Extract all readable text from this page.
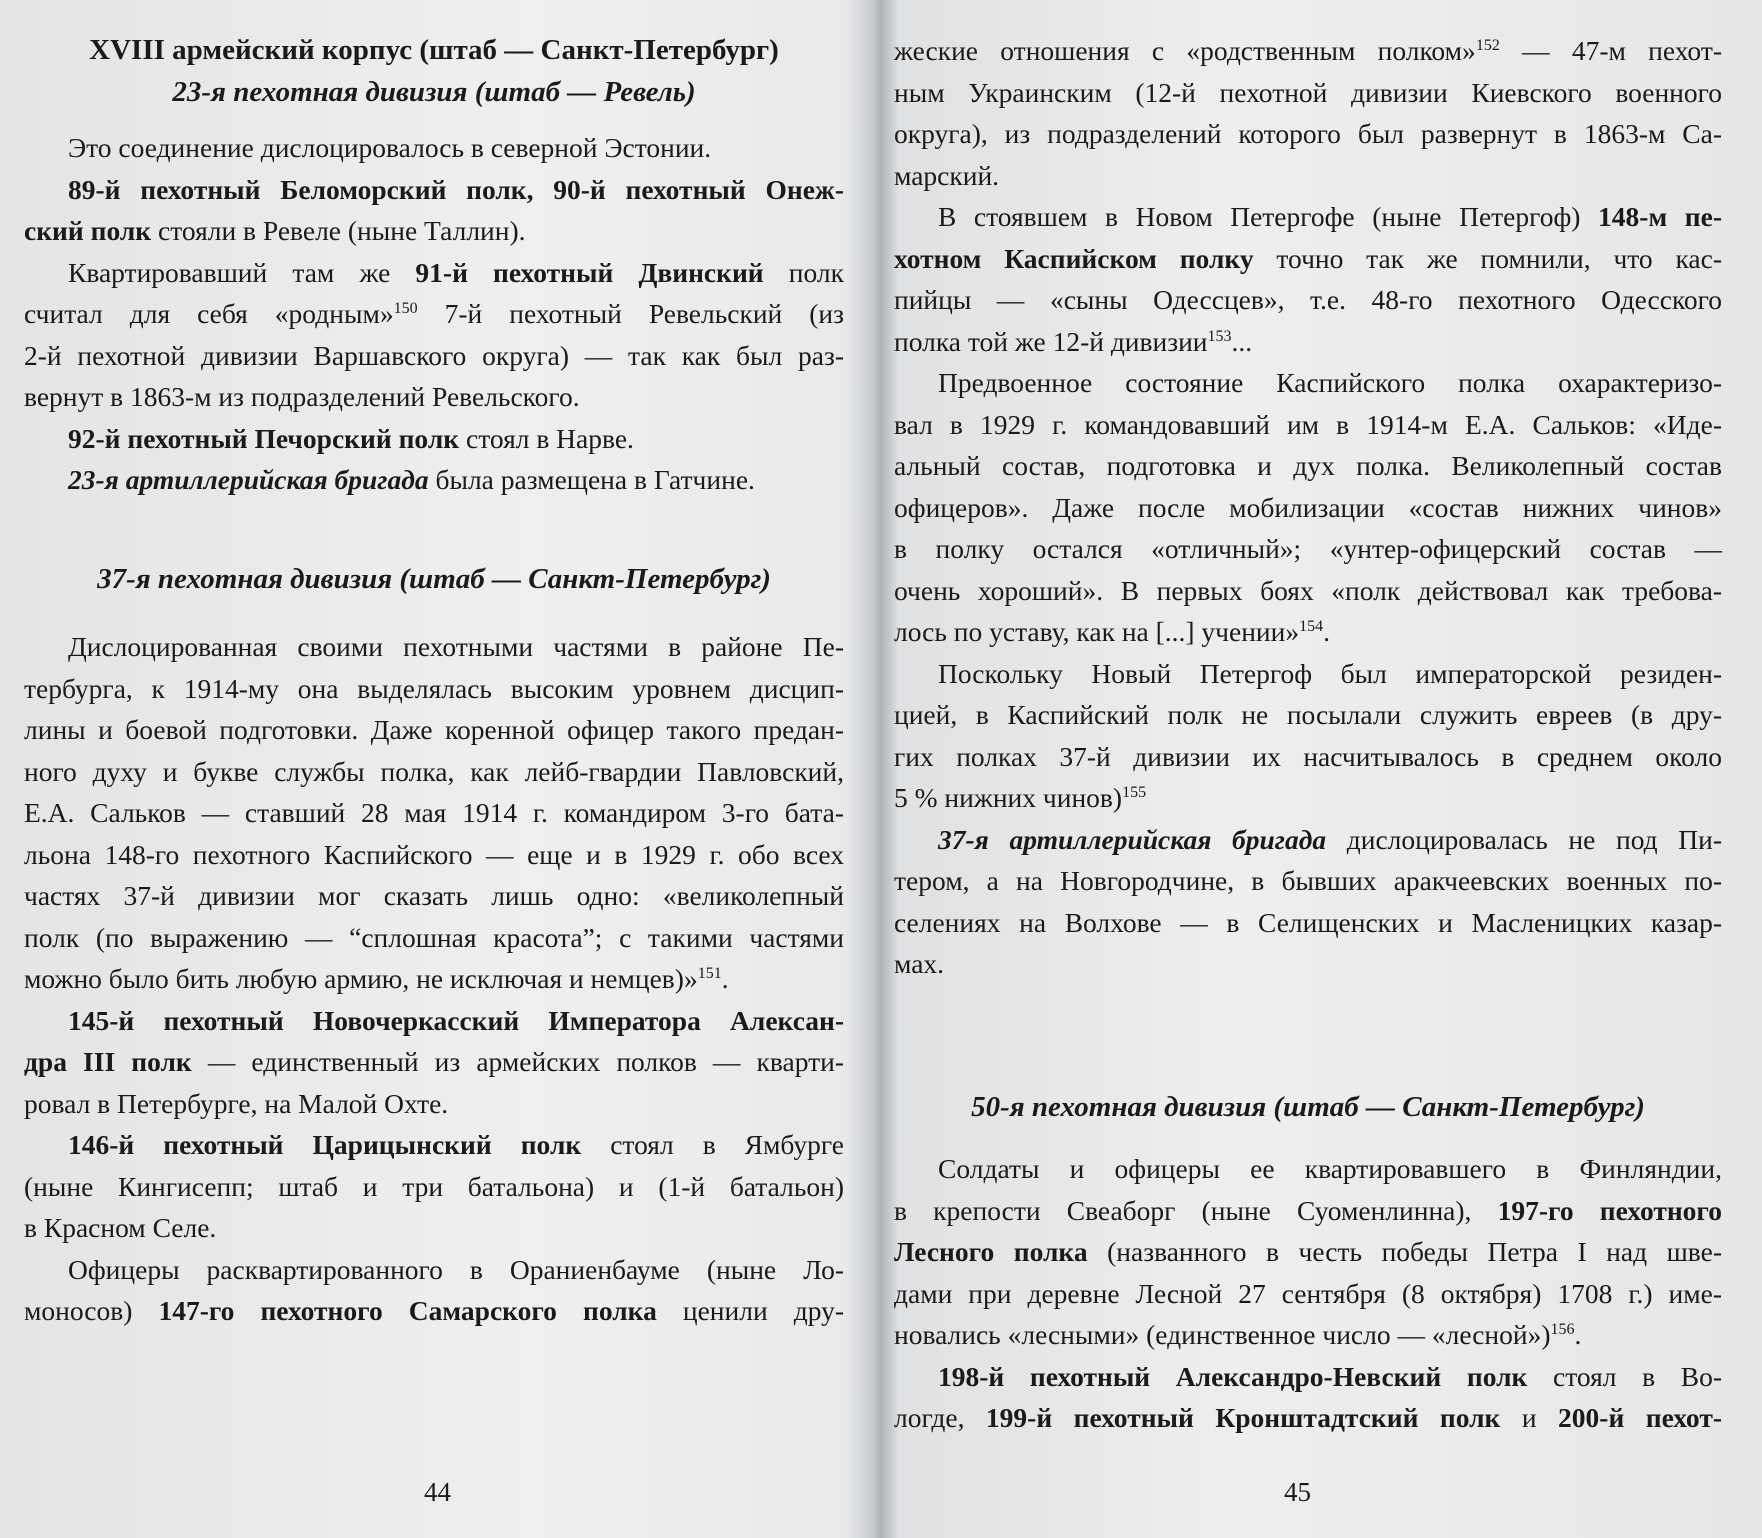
XVIII армейский корпус (штаб — Санкт-Петербург)
23-я пехотная дивизия (штаб — Ревель)
Это соединение дислоцировалось в северной Эстонии.
89-й пехотный Беломорский полк, 90-й пехотный Онеж-
ский полк стояли в Ревеле (ныне Таллин).
Квартировавший там же 91-й пехотный Двинский полк
считал для себя «родным»$^{150}$ 7-й пехотный Ревельский (из
2-й пехотной дивизии Варшавского округа) — так как был раз-
вернут в 1863-м из подразделений Ревельского.
92-й пехотный Печорский полк стоял в Нарве.
23-я артиллерийская бригада была размещена в Гатчине.
37-я пехотная дивизия (штаб — Санкт-Петербург)
Дислоцированная своими пехотными частями в районе Пе-
тербурга, к 1914-му она выделялась высоким уровнем дисцип-
лины и боевой подготовки. Даже коренной офицер такого предан-
ного духу и букве службы полка, как лейб-гвардии Павловский,
Е.А. Сальков — ставший 28 мая 1914 г. командиром 3-го бата-
льона 148-го пехотного Каспийского — еще и в 1929 г. обо всех
частях 37-й дивизии мог сказать лишь одно: «великолепный
полк (по выражению — “сплошная красота”; с такими частями
можно было бить любую армию, не исключая и немцев)»$^{151}$.
145-й пехотный Новочеркасский Императора Алексан-
дра III полк — единственный из армейских полков — кварти-
ровал в Петербурге, на Малой Охте.
146-й пехотный Царицынский полк стоял в Ямбурге
(ныне Кингисепп; штаб и три батальона) и (1-й батальон)
в Красном Селе.
Офицеры расквартированного в Ораниенбауме (ныне Ло-
моносов) 147-го пехотного Самарского полка ценили дру-
44
жеские отношения с «родственным полком»$^{152}$ — 47-м пехот-
ным Украинским (12-й пехотной дивизии Киевского военного
округа), из подразделений которого был развернут в 1863-м Са-
марский.
В стоявшем в Новом Петергофе (ныне Петергоф) 148-м пе-
хотном Каспийском полку точно так же помнили, что кас-
пийцы — «сыны Одессцев», т.е. 48-го пехотного Одесского
полка той же 12-й дивизии$^{153}$...
Предвоенное состояние Каспийского полка охарактеризо-
вал в 1929 г. командовавший им в 1914-м Е.А. Сальков: «Иде-
альный состав, подготовка и дух полка. Великолепный состав
офицеров». Даже после мобилизации «состав нижних чинов»
в полку остался «отличный»; «унтер-офицерский состав —
очень хороший». В первых боях «полк действовал как требова-
лось по уставу, как на [...] учении»$^{154}$.
Поскольку Новый Петергоф был императорской резиден-
цией, в Каспийский полк не посылали служить евреев (в дру-
гих полках 37-й дивизии их насчитывалось в среднем около
5 % нижних чинов)$^{155}$
37-я артиллерийская бригада дислоцировалась не под Пи-
тером, а на Новгородчине, в бывших аракчеевских военных по-
селениях на Волхове — в Селищенских и Масленицких казар-
мах.
50-я пехотная дивизия (штаб — Санкт-Петербург)
Солдаты и офицеры ее квартировавшего в Финляндии,
в крепости Свеаборг (ныне Суоменлинна), 197-го пехотного
Лесного полка (названного в честь победы Петра I над шве-
дами при деревне Лесной 27 сентября (8 октября) 1708 г.) име-
новались «лесными» (единственное число — «лесной»)$^{156}$.
198-й пехотный Александро-Невский полк стоял в Во-
логде, 199-й пехотный Кронштадтский полк и 200-й пехот-
45
